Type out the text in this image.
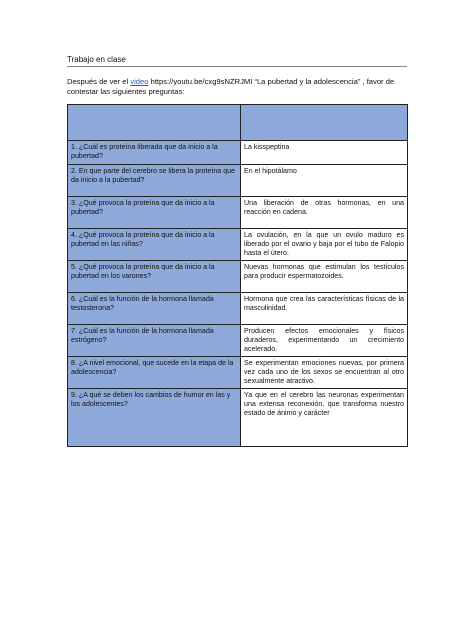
Trabajo en clase
Después de ver el video https://youtu.be/cxg9sNZRJMI “La pubertad y la adolescencia” , favor de contestar las siguientes preguntas:

1. ¿Cuál es proteína liberada que da inicio a la pubertad?	La kisspeptina
2. En que parte del cerebro se libera la proteína que da inicio a la pubertad?	En el hipotálamo
3. ¿Qué provoca la proteína que da inicio a la pubertad?	Una liberación de otras hormonas, en una reacción en cadena.
4. ¿Qué provoca la proteína que da inicio a la pubertad en las niñas?	La ovulación, en la que un ovulo maduro es liberado por el ovario y baja por el tubo de Falopio hasta el útero.
5. ¿Qué provoca la proteína que da inicio a la pubertad en los varones?	Nuevas hormonas que estimulan los testículos para producir espermatozoides.
6. ¿Cuál es la función de la hormona llamada testosterona?	Hormona que crea las características físicas de la masculinidad.
7. ¿Cuál es la función de la hormona llamada estrógeno?	Producen efectos emocionales y físicos duraderos, experimentando un crecimiento acelerado.
8. ¿A nivel emocional, que sucede en la etapa de la adolescencia?	Se experimentan emociones nuevas, por primera vez cada uno de los sexos se encuentran al otro sexualmente atractivo.
9. ¿A qué se deben los cambios de humor en las y los adolescentes?	Ya que en el cerebro las neuronas experimentan una extensa reconexión, que transforma nuestro estado de ánimo y carácter
